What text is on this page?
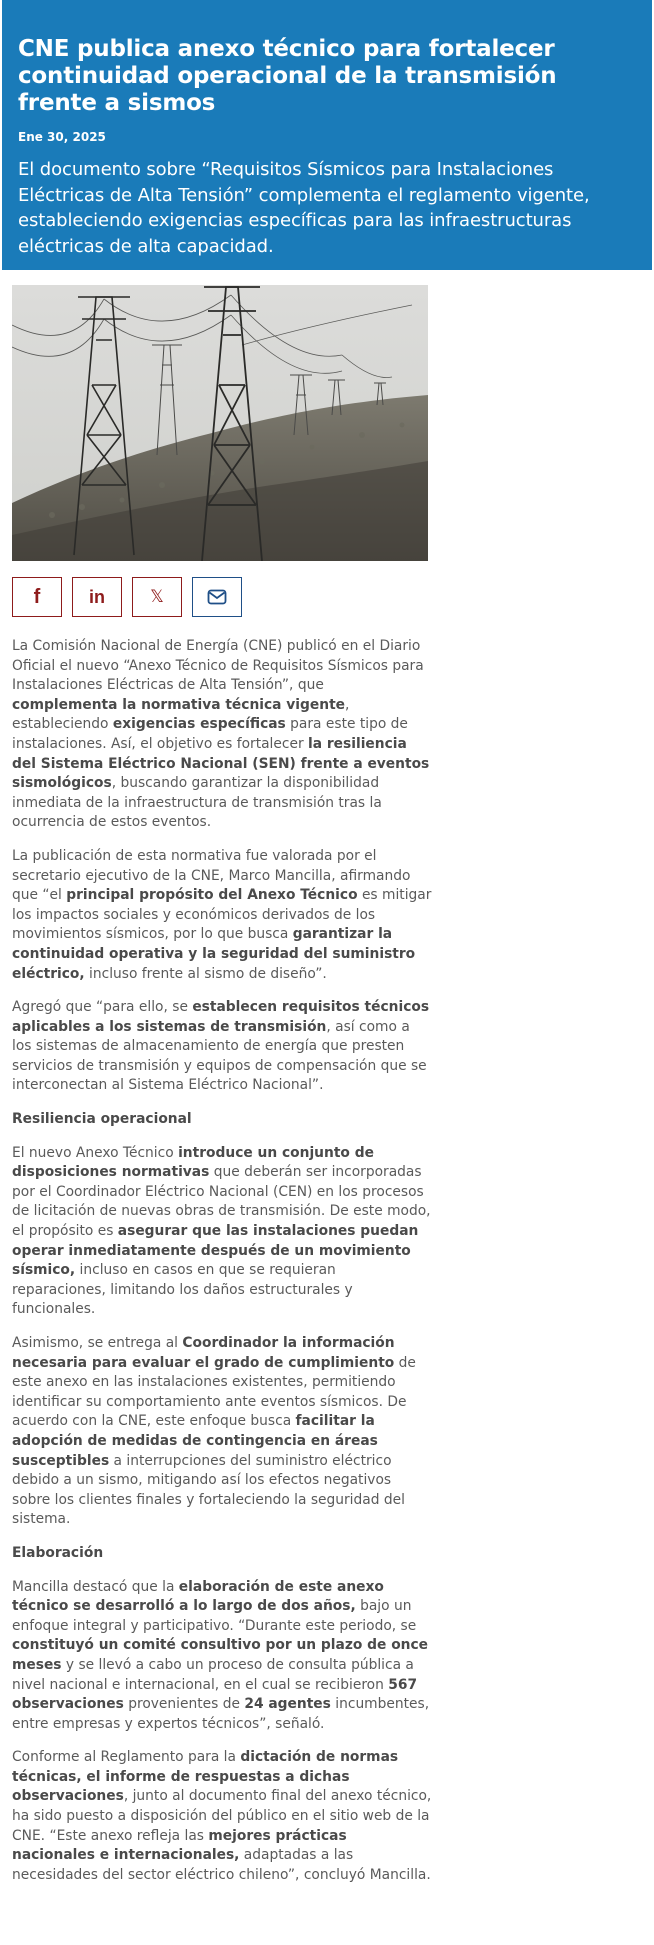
CNE publica anexo técnico para fortalecer continuidad operacional de la transmisión frente a sismos
Ene 30, 2025
El documento sobre “Requisitos Sísmicos para Instalaciones Eléctricas de Alta Tensión” complementa el reglamento vigente, estableciendo exigencias específicas para las infraestructuras eléctricas de alta capacidad.
f	in	𝕏

La Comisión Nacional de Energía (CNE) publicó en el Diario Oficial el nuevo “Anexo Técnico de Requisitos Sísmicos para Instalaciones Eléctricas de Alta Tensión”, que complementa la normativa técnica vigente, estableciendo exigencias específicas para este tipo de instalaciones. Así, el objetivo es fortalecer la resiliencia del Sistema Eléctrico Nacional (SEN) frente a eventos sismológicos, buscando garantizar la disponibilidad inmediata de la infraestructura de transmisión tras la ocurrencia de estos eventos.

La publicación de esta normativa fue valorada por el secretario ejecutivo de la CNE, Marco Mancilla, afirmando que “el principal propósito del Anexo Técnico es mitigar los impactos sociales y económicos derivados de los movimientos sísmicos, por lo que busca garantizar la continuidad operativa y la seguridad del suministro eléctrico, incluso frente al sismo de diseño”.

Agregó que “para ello, se establecen requisitos técnicos aplicables a los sistemas de transmisión, así como a los sistemas de almacenamiento de energía que presten servicios de transmisión y equipos de compensación que se interconectan al Sistema Eléctrico Nacional”.

Resiliencia operacional

El nuevo Anexo Técnico introduce un conjunto de disposiciones normativas que deberán ser incorporadas por el Coordinador Eléctrico Nacional (CEN) en los procesos de licitación de nuevas obras de transmisión. De este modo, el propósito es asegurar que las instalaciones puedan operar inmediatamente después de un movimiento sísmico, incluso en casos en que se requieran reparaciones, limitando los daños estructurales y funcionales.

Asimismo, se entrega al Coordinador la información necesaria para evaluar el grado de cumplimiento de este anexo en las instalaciones existentes, permitiendo identificar su comportamiento ante eventos sísmicos. De acuerdo con la CNE, este enfoque busca facilitar la adopción de medidas de contingencia en áreas susceptibles a interrupciones del suministro eléctrico debido a un sismo, mitigando así los efectos negativos sobre los clientes finales y fortaleciendo la seguridad del sistema.

Elaboración

Mancilla destacó que la elaboración de este anexo técnico se desarrolló a lo largo de dos años, bajo un enfoque integral y participativo. “Durante este periodo, se constituyó un comité consultivo por un plazo de once meses y se llevó a cabo un proceso de consulta pública a nivel nacional e internacional, en el cual se recibieron 567 observaciones provenientes de 24 agentes incumbentes, entre empresas y expertos técnicos”, señaló.

Conforme al Reglamento para la dictación de normas técnicas, el informe de respuestas a dichas observaciones, junto al documento final del anexo técnico, ha sido puesto a disposición del público en el sitio web de la CNE. “Este anexo refleja las mejores prácticas nacionales e internacionales, adaptadas a las necesidades del sector eléctrico chileno”, concluyó Mancilla.
